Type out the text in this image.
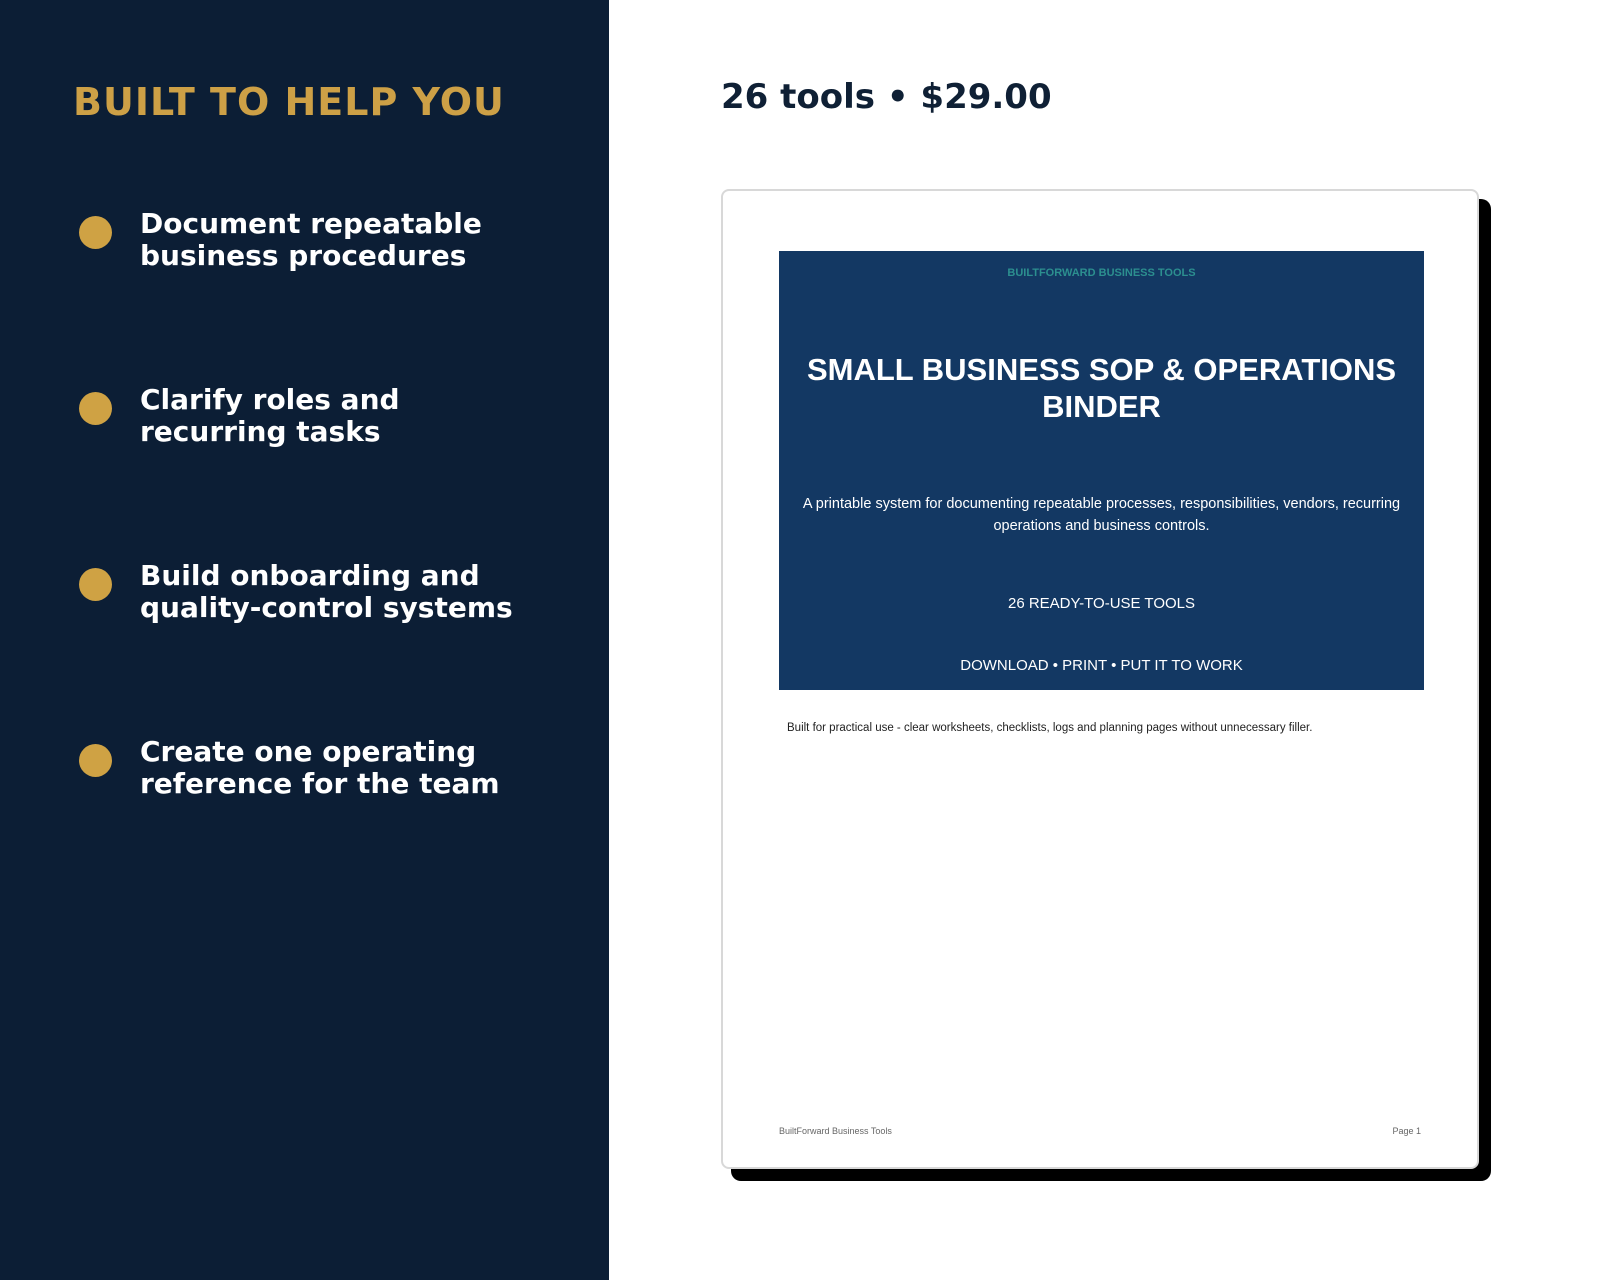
BUILT TO HELP YOU
Document repeatable
business procedures
Clarify roles and
recurring tasks
Build onboarding and
quality-control systems
Create one operating
reference for the team
26 tools • $29.00
BUILTFORWARD BUSINESS TOOLS
SMALL BUSINESS SOP & OPERATIONS BINDER
A printable system for documenting repeatable processes, responsibilities, vendors, recurring operations and business controls.
26 READY-TO-USE TOOLS
DOWNLOAD • PRINT • PUT IT TO WORK
Built for practical use - clear worksheets, checklists, logs and planning pages without unnecessary filler.
BuiltForward Business Tools	Page 1
